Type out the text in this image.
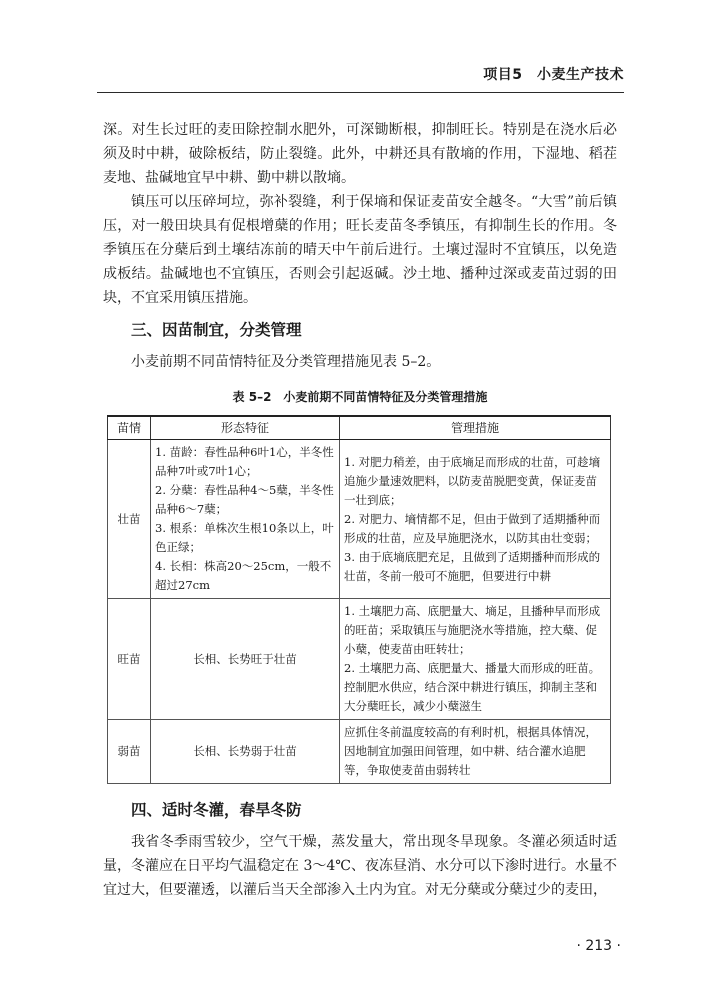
项目5　小麦生产技术

深。对生长过旺的麦田除控制水肥外，可深锄断根，抑制旺长。特别是在浇水后必须及时中耕，破除板结，防止裂缝。此外，中耕还具有散墒的作用，下湿地、稻茬麦地、盐碱地宜早中耕、勤中耕以散墒。

镇压可以压碎坷垃，弥补裂缝，利于保墒和保证麦苗安全越冬。“大雪”前后镇压，对一般田块具有促根增蘖的作用；旺长麦苗冬季镇压，有抑制生长的作用。冬季镇压在分蘖后到土壤结冻前的晴天中午前后进行。土壤过湿时不宜镇压，以免造成板结。盐碱地也不宜镇压，否则会引起返碱。沙土地、播种过深或麦苗过弱的田块，不宜采用镇压措施。

三、因苗制宜，分类管理

小麦前期不同苗情特征及分类管理措施见表 5–2。

表 5–2　小麦前期不同苗情特征及分类管理措施
苗情	形态特征	管理措施
壮苗	1. 苗龄：春性品种6叶1心，半冬性品种7叶或7叶1心；
2. 分蘖：春性品种4～5蘖，半冬性品种6～7蘖；
3. 根系：单株次生根10条以上，叶色正绿；
4. 长相：株高20～25cm，一般不超过27cm	1. 对肥力稍差，由于底墒足而形成的壮苗，可趁墒追施少量速效肥料，以防麦苗脱肥变黄，保证麦苗一壮到底；
2. 对肥力、墒情都不足，但由于做到了适期播种而形成的壮苗，应及早施肥浇水，以防其由壮变弱；
3. 由于底墒底肥充足，且做到了适期播种而形成的壮苗，冬前一般可不施肥，但要进行中耕

旺苗	长相、长势旺于壮苗	1. 土壤肥力高、底肥量大、墒足，且播种早而形成的旺苗；采取镇压与施肥浇水等措施，控大蘖、促小蘖，使麦苗由旺转壮；
2. 土壤肥力高、底肥量大、播量大而形成的旺苗。控制肥水供应，结合深中耕进行镇压，抑制主茎和大分蘖旺长，减少小蘖滋生

弱苗	长相、长势弱于壮苗	应抓住冬前温度较高的有利时机，根据具体情况，因地制宜加强田间管理，如中耕、结合灌水追肥等，争取使麦苗由弱转壮
四、适时冬灌，春旱冬防

我省冬季雨雪较少，空气干燥，蒸发量大，常出现冬旱现象。冬灌必须适时适量，冬灌应在日平均气温稳定在 3～4℃、夜冻昼消、水分可以下渗时进行。水量不宜过大，但要灌透，以灌后当天全部渗入土内为宜。对无分蘖或分蘖过少的麦田，

· 213 ·
